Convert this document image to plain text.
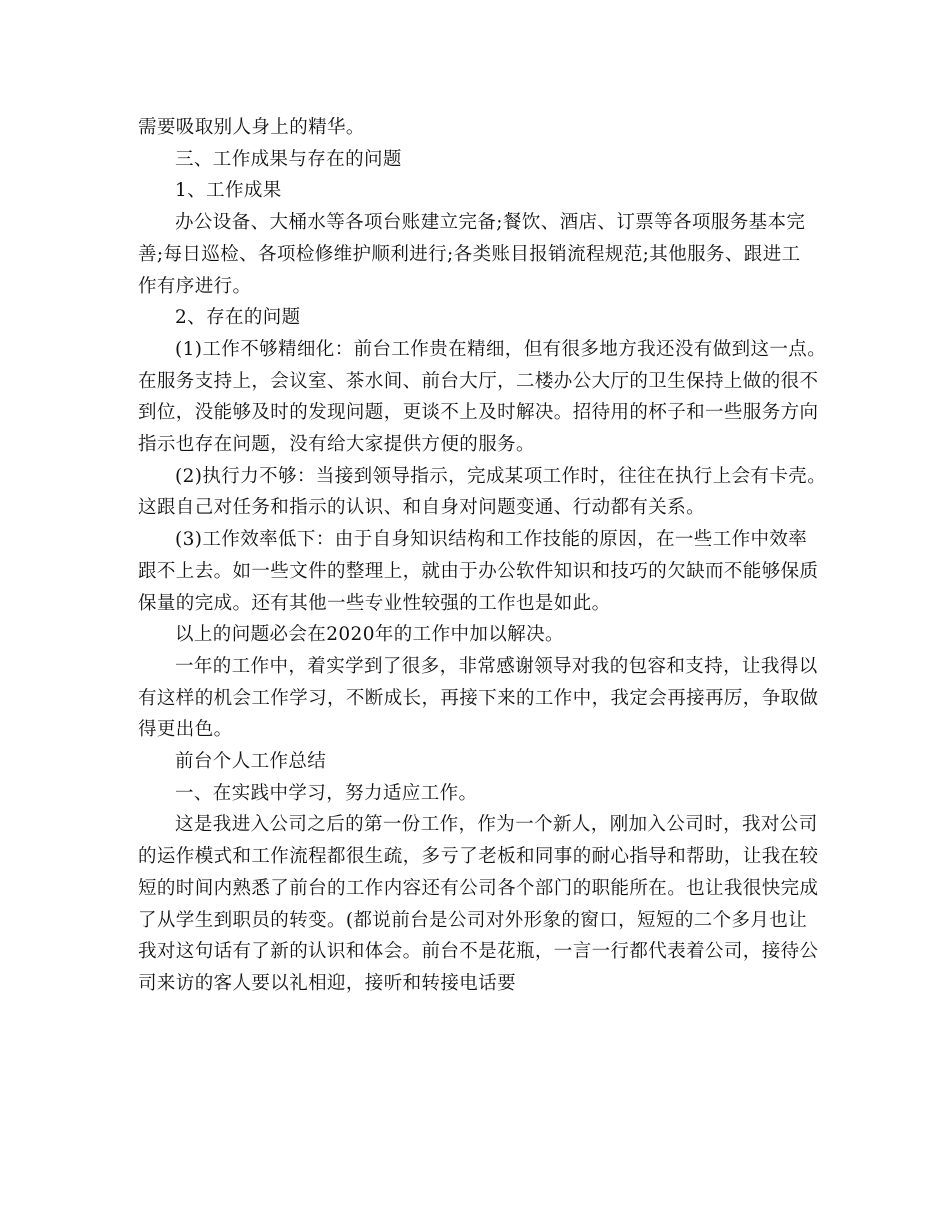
需要吸取别人身上的精华。
三、工作成果与存在的问题
1、工作成果
办公设备、大桶水等各项台账建立完备;餐饮、酒店、订票等各项服务基本完
善;每日巡检、各项检修维护顺利进行;各类账目报销流程规范;其他服务、跟进工
作有序进行。
2、存在的问题
(1)工作不够精细化：前台工作贵在精细，但有很多地方我还没有做到这一点。
在服务支持上，会议室、茶水间、前台大厅，二楼办公大厅的卫生保持上做的很不
到位，没能够及时的发现问题，更谈不上及时解决。招待用的杯子和一些服务方向
指示也存在问题，没有给大家提供方便的服务。
(2)执行力不够：当接到领导指示，完成某项工作时，往往在执行上会有卡壳。
这跟自己对任务和指示的认识、和自身对问题变通、行动都有关系。
(3)工作效率低下：由于自身知识结构和工作技能的原因，在一些工作中效率
跟不上去。如一些文件的整理上，就由于办公软件知识和技巧的欠缺而不能够保质
保量的完成。还有其他一些专业性较强的工作也是如此。
以上的问题必会在2020年的工作中加以解决。
一年的工作中，着实学到了很多，非常感谢领导对我的包容和支持，让我得以
有这样的机会工作学习，不断成长，再接下来的工作中，我定会再接再厉，争取做
得更出色。
前台个人工作总结
一、在实践中学习，努力适应工作。
这是我进入公司之后的第一份工作，作为一个新人，刚加入公司时，我对公司
的运作模式和工作流程都很生疏，多亏了老板和同事的耐心指导和帮助，让我在较
短的时间内熟悉了前台的工作内容还有公司各个部门的职能所在。也让我很快完成
了从学生到职员的转变。(都说前台是公司对外形象的窗口，短短的二个多月也让
我对这句话有了新的认识和体会。前台不是花瓶，一言一行都代表着公司，接待公
司来访的客人要以礼相迎，接听和转接电话要
